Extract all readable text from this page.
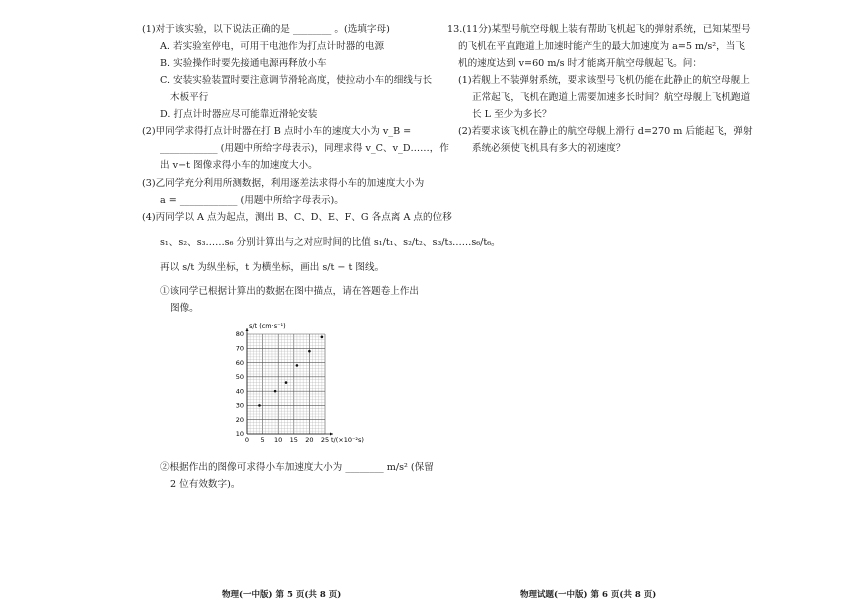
(1)对于该实验，以下说法正确的是 ________ 。(选填字母)
A. 若实验室停电，可用干电池作为打点计时器的电源
B. 实验操作时要先接通电源再释放小车
C. 安装实验装置时要注意调节滑轮高度，使拉动小车的细线与长
木板平行
D. 打点计时器应尽可能靠近滑轮安装
(2)甲同学求得打点计时器在打 B 点时小车的速度大小为 v_B =
____________ (用题中所给字母表示)，同理求得 v_C、v_D……，作
出 v−t 图像求得小车的加速度大小。
(3)乙同学充分利用所测数据，利用逐差法求得小车的加速度大小为
a = ____________ (用题中所给字母表示)。
(4)丙同学以 A 点为起点，测出 B、C、D、E、F、G 各点离 A 点的位移
s₁、s₂、s₃……s₆ 分别计算出与之对应时间的比值 s₁/t₁、s₂/t₂、s₃/t₃……s₆/t₆。
再以 s/t 为纵坐标，t 为横坐标，画出 s/t − t 图线。
①该同学已根据计算出的数据在图中描点，请在答题卷上作出
图像。
②根据作出的图像可求得小车加速度大小为 ________ m/s² (保留
2 位有效数字)。
0 5 10 15 20 25
10
20
30
40
50
60
70
80
s/t (cm·s⁻¹)
t/(×10⁻²s)
13.(11分)某型号航空母舰上装有帮助飞机起飞的弹射系统，已知某型号
的飞机在平直跑道上加速时能产生的最大加速度为 a=5 m/s²，当飞
机的速度达到 v=60 m/s 时才能离开航空母舰起飞。问：
(1)若舰上不装弹射系统，要求该型号飞机仍能在此静止的航空母舰上
正常起飞，飞机在跑道上需要加速多长时间？航空母舰上飞机跑道
长 L 至少为多长？
(2)若要求该飞机在静止的航空母舰上滑行 d=270 m 后能起飞，弹射
系统必须使飞机具有多大的初速度？
物理(一中版) 第 5 页(共 8 页)	物理试题(一中版) 第 6 页(共 8 页)
